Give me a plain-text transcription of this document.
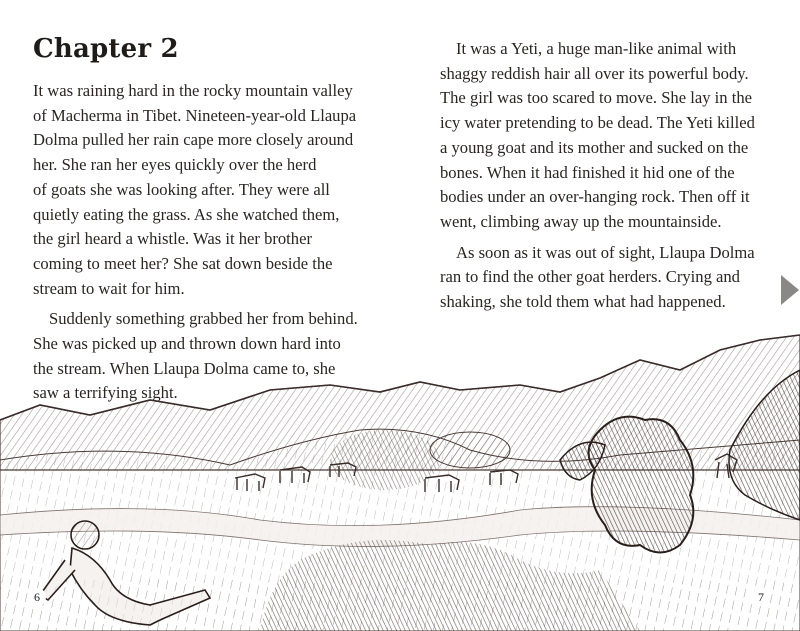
Chapter 2

It was raining hard in the rocky mountain valley
of Macherma in Tibet. Nineteen-year-old Llaupa
Dolma pulled her rain cape more closely around
her. She ran her eyes quickly over the herd
of goats she was looking after. They were all
quietly eating the grass. As she watched them,
the girl heard a whistle. Was it her brother
coming to meet her? She sat down beside the
stream to wait for him.

Suddenly something grabbed her from behind.
She was picked up and thrown down hard into
the stream. When Llaupa Dolma came to, she
saw a terrifying sight.

It was a Yeti, a huge man-like animal with
shaggy reddish hair all over its powerful body.
The girl was too scared to move. She lay in the
icy water pretending to be dead. The Yeti killed
a young goat and its mother and sucked on the
bones. When it had finished it hid one of the
bodies under an over-hanging rock. Then off it
went, climbing away up the mountainside.

As soon as it was out of sight, Llaupa Dolma
ran to find the other goat herders. Crying and
shaking, she told them what had happened.

6	7
